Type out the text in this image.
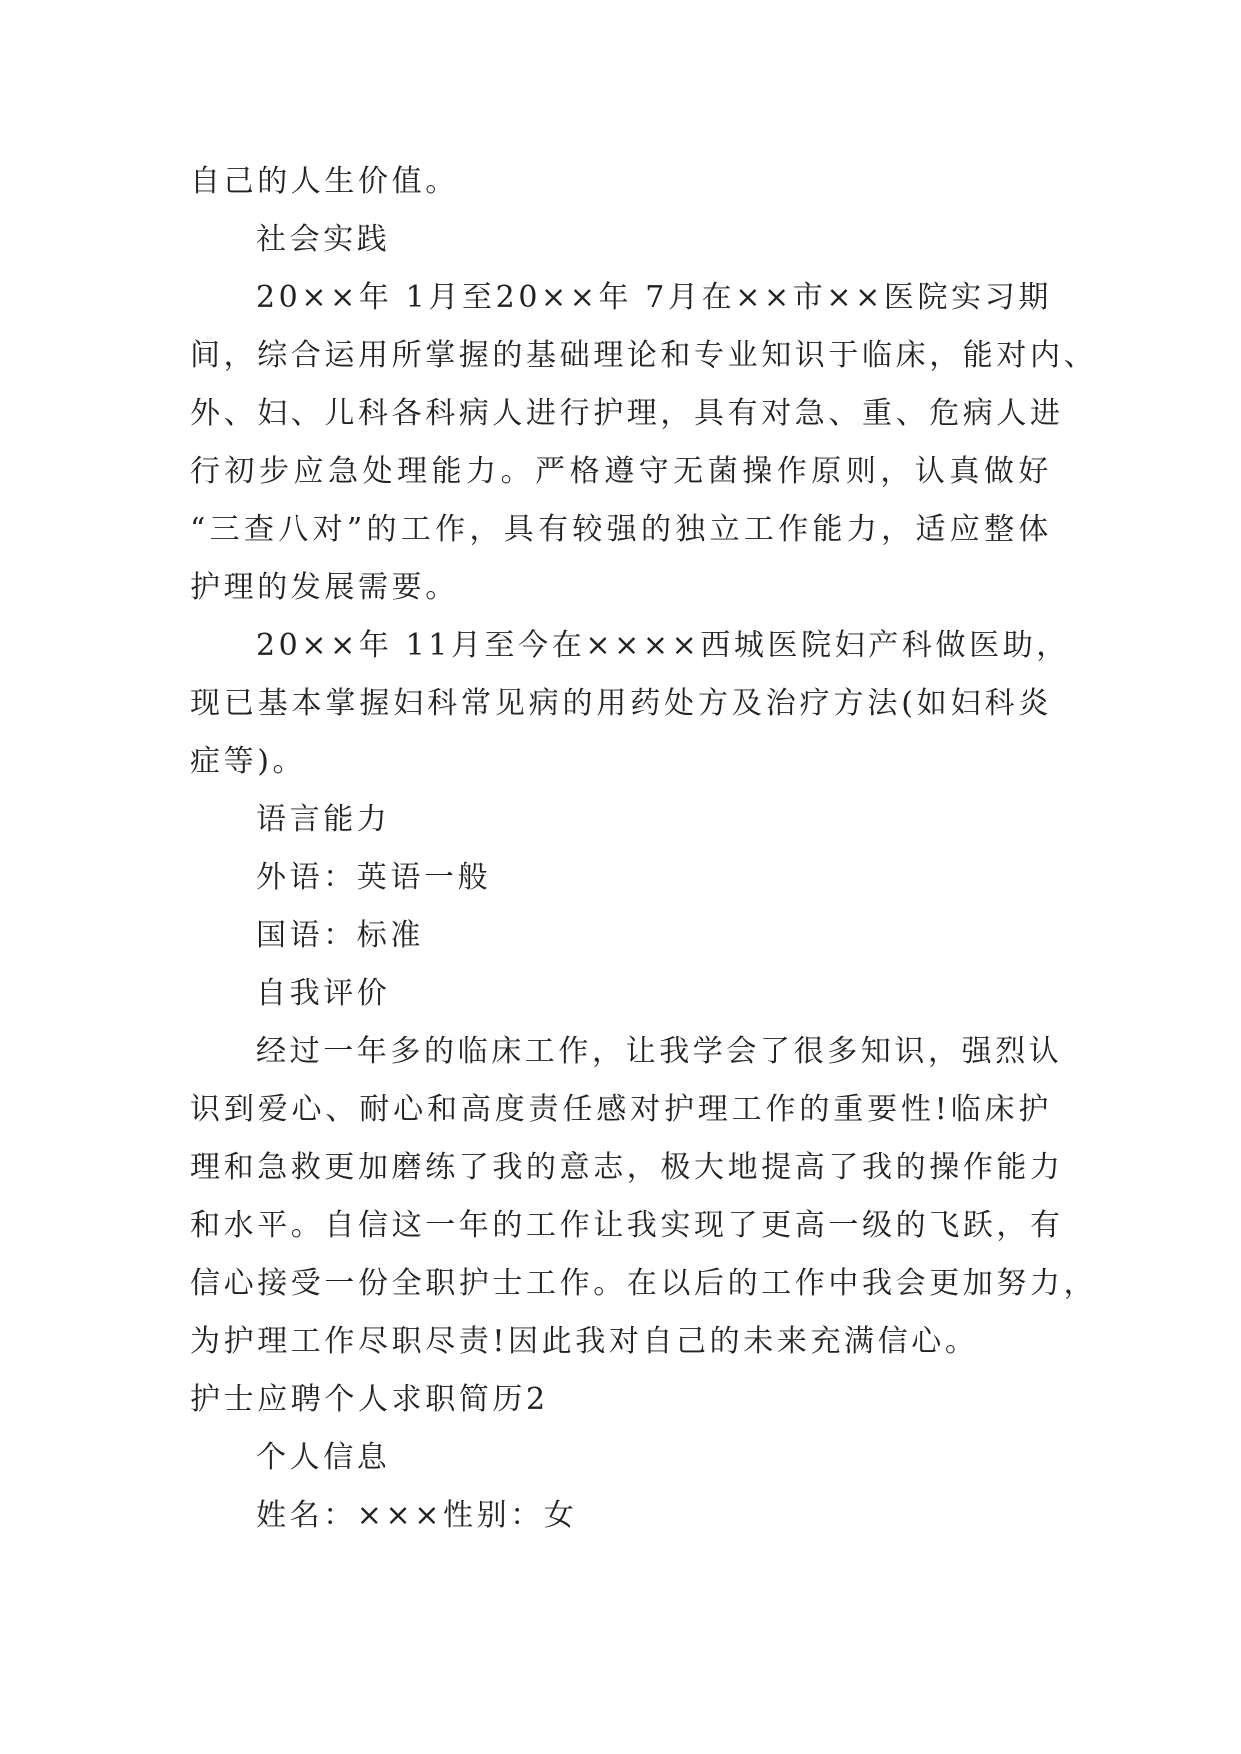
自己的人生价值。
社会实践
20××年 1月至20××年 7月在××市××医院实习期
间，综合运用所掌握的基础理论和专业知识于临床，能对内、
外、妇、儿科各科病人进行护理，具有对急、重、危病人进
行初步应急处理能力。严格遵守无菌操作原则，认真做好
“三查八对”的工作，具有较强的独立工作能力，适应整体
护理的发展需要。
20××年 11月至今在××××西城医院妇产科做医助，
现已基本掌握妇科常见病的用药处方及治疗方法(如妇科炎
症等)。
语言能力
外语：英语一般
国语：标准
自我评价
经过一年多的临床工作，让我学会了很多知识，强烈认
识到爱心、耐心和高度责任感对护理工作的重要性!临床护
理和急救更加磨练了我的意志，极大地提高了我的操作能力
和水平。自信这一年的工作让我实现了更高一级的飞跃，有
信心接受一份全职护士工作。在以后的工作中我会更加努力，
为护理工作尽职尽责!因此我对自己的未来充满信心。
护士应聘个人求职简历2
个人信息
姓名：×××性别：女
